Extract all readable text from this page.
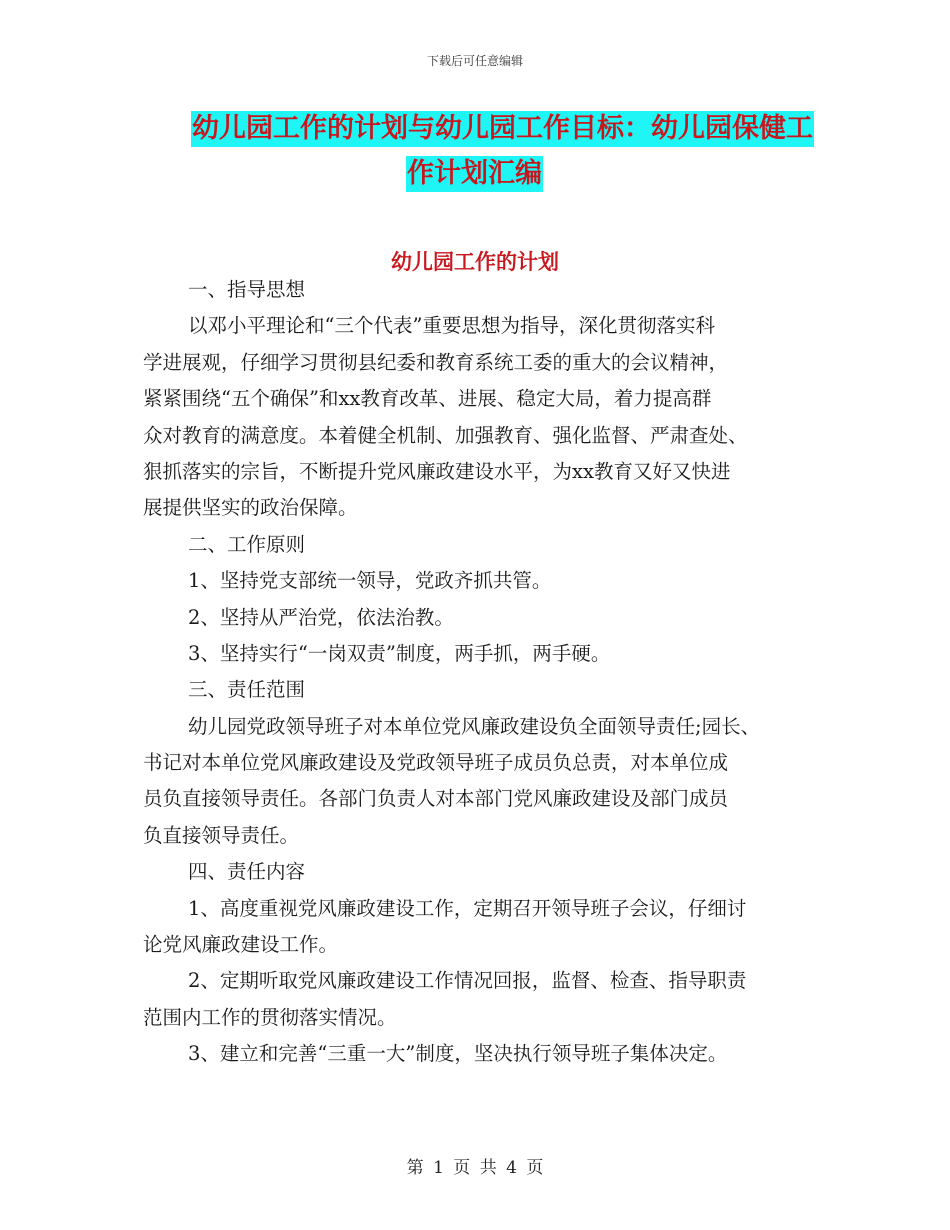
下载后可任意编辑
幼儿园工作的计划与幼儿园工作目标：幼儿园保健工
作计划汇编
幼儿园工作的计划
一、指导思想
以邓小平理论和“三个代表”重要思想为指导，深化贯彻落实科
学进展观，仔细学习贯彻县纪委和教育系统工委的重大的会议精神，
紧紧围绕“五个确保”和xx教育改革、进展、稳定大局，着力提高群
众对教育的满意度。本着健全机制、加强教育、强化监督、严肃查处、
狠抓落实的宗旨，不断提升党风廉政建设水平，为xx教育又好又快进
展提供坚实的政治保障。
二、工作原则
1、坚持党支部统一领导，党政齐抓共管。
2、坚持从严治党，依法治教。
3、坚持实行“一岗双责”制度，两手抓，两手硬。
三、责任范围
幼儿园党政领导班子对本单位党风廉政建设负全面领导责任;园长、
书记对本单位党风廉政建设及党政领导班子成员负总责，对本单位成
员负直接领导责任。各部门负责人对本部门党风廉政建设及部门成员
负直接领导责任。
四、责任内容
1、高度重视党风廉政建设工作，定期召开领导班子会议，仔细讨
论党风廉政建设工作。
2、定期听取党风廉政建设工作情况回报，监督、检查、指导职责
范围内工作的贯彻落实情况。
3、建立和完善“三重一大”制度，坚决执行领导班子集体决定。
第 1 页 共 4 页
